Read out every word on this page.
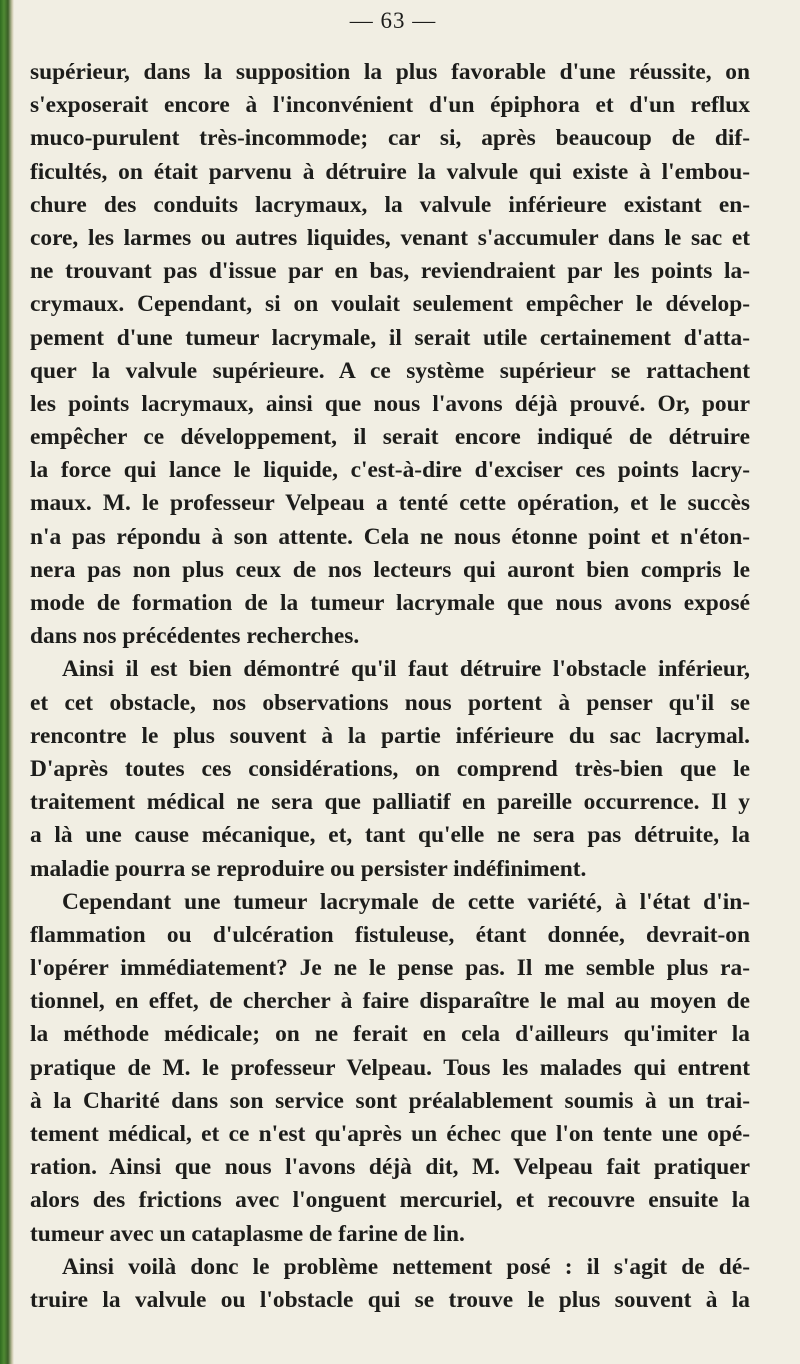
— 63 —
supérieur, dans la supposition la plus favorable d'une réussite, on
s'exposerait encore à l'inconvénient d'un épiphora et d'un reflux
muco-purulent très-incommode; car si, après beaucoup de dif-
ficultés, on était parvenu à détruire la valvule qui existe à l'embou-
chure des conduits lacrymaux, la valvule inférieure existant en-
core, les larmes ou autres liquides, venant s'accumuler dans le sac et
ne trouvant pas d'issue par en bas, reviendraient par les points la-
crymaux. Cependant, si on voulait seulement empêcher le dévelop-
pement d'une tumeur lacrymale, il serait utile certainement d'atta-
quer la valvule supérieure. A ce système supérieur se rattachent
les points lacrymaux, ainsi que nous l'avons déjà prouvé. Or, pour
empêcher ce développement, il serait encore indiqué de détruire
la force qui lance le liquide, c'est-à-dire d'exciser ces points lacry-
maux. M. le professeur Velpeau a tenté cette opération, et le succès
n'a pas répondu à son attente. Cela ne nous étonne point et n'éton-
nera pas non plus ceux de nos lecteurs qui auront bien compris le
mode de formation de la tumeur lacrymale que nous avons exposé
dans nos précédentes recherches.
Ainsi il est bien démontré qu'il faut détruire l'obstacle inférieur,
et cet obstacle, nos observations nous portent à penser qu'il se
rencontre le plus souvent à la partie inférieure du sac lacrymal.
D'après toutes ces considérations, on comprend très-bien que le
traitement médical ne sera que palliatif en pareille occurrence. Il y
a là une cause mécanique, et, tant qu'elle ne sera pas détruite, la
maladie pourra se reproduire ou persister indéfiniment.
Cependant une tumeur lacrymale de cette variété, à l'état d'in-
flammation ou d'ulcération fistuleuse, étant donnée, devrait-on
l'opérer immédiatement? Je ne le pense pas. Il me semble plus ra-
tionnel, en effet, de chercher à faire disparaître le mal au moyen de
la méthode médicale; on ne ferait en cela d'ailleurs qu'imiter la
pratique de M. le professeur Velpeau. Tous les malades qui entrent
à la Charité dans son service sont préalablement soumis à un trai-
tement médical, et ce n'est qu'après un échec que l'on tente une opé-
ration. Ainsi que nous l'avons déjà dit, M. Velpeau fait pratiquer
alors des frictions avec l'onguent mercuriel, et recouvre ensuite la
tumeur avec un cataplasme de farine de lin.
Ainsi voilà donc le problème nettement posé : il s'agit de dé-
truire la valvule ou l'obstacle qui se trouve le plus souvent à la
